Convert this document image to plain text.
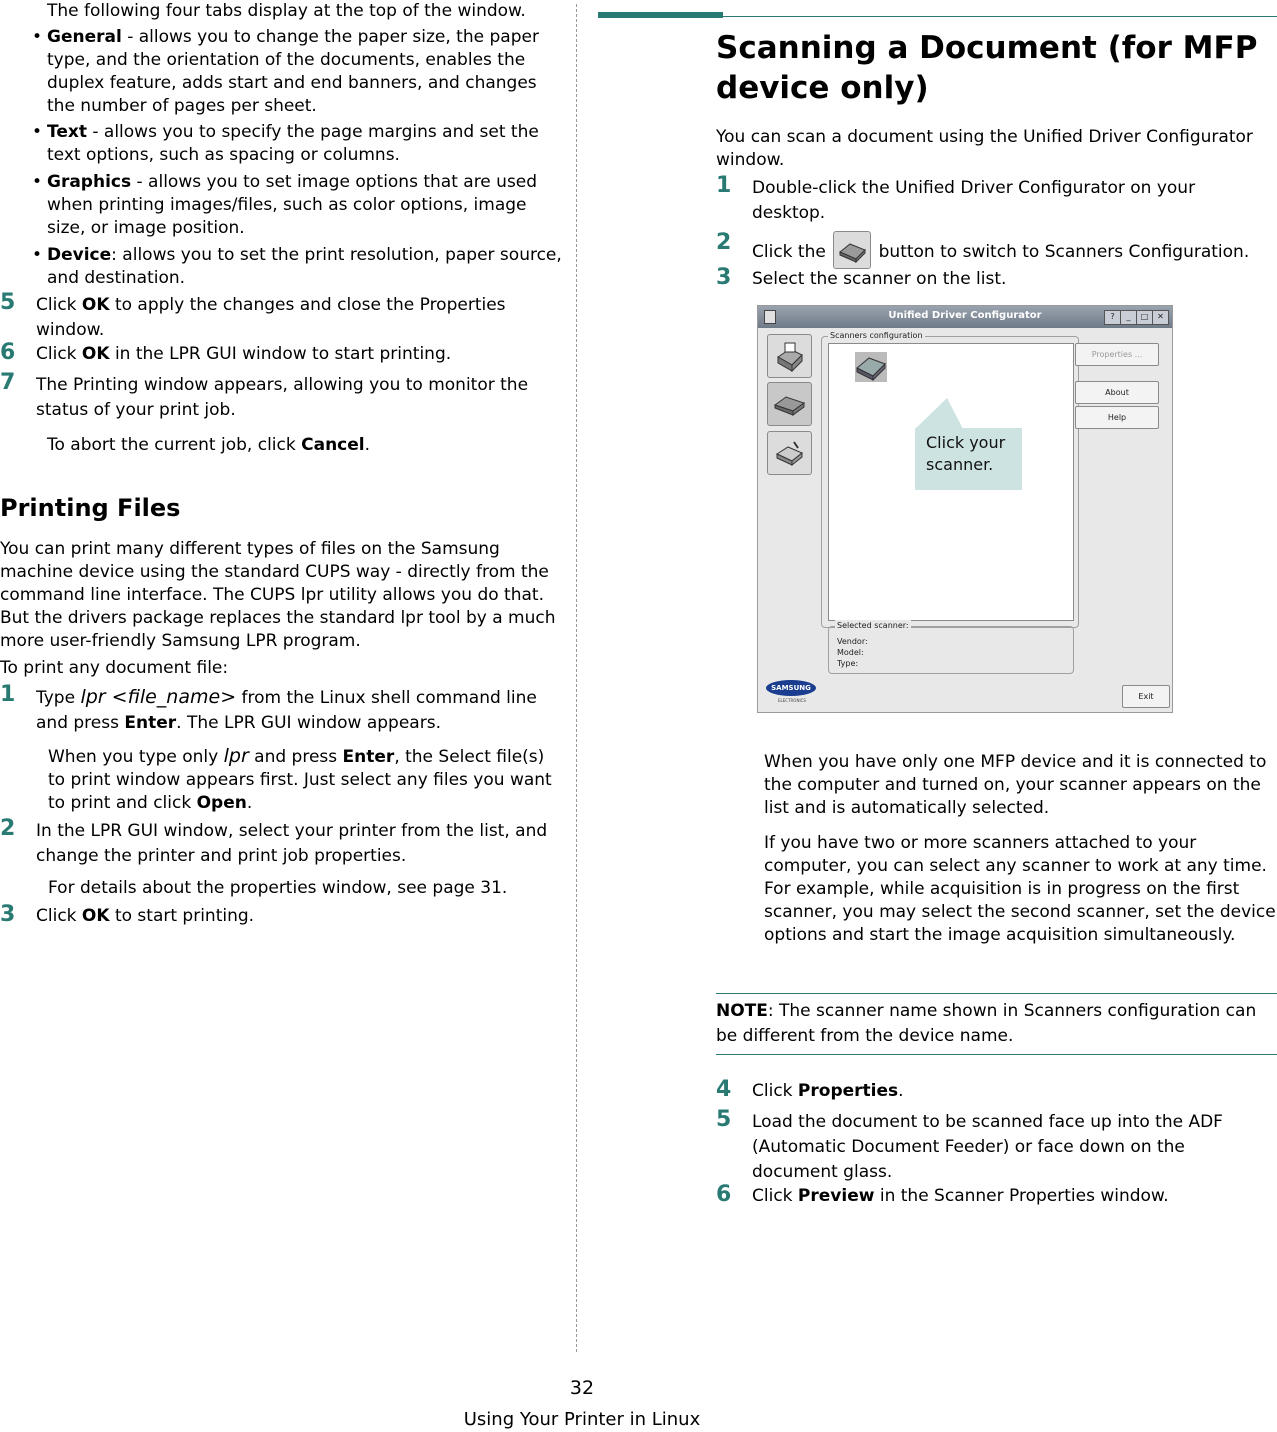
The following four tabs display at the top of the window.

• General - allows you to change the paper size, the paper type, and the orientation of the documents, enables the duplex feature, adds start and end banners, and changes the number of pages per sheet.
• Text - allows you to specify the page margins and set the text options, such as spacing or columns.
• Graphics - allows you to set image options that are used when printing images/files, such as color options, image size, or image position.
• Device: allows you to set the print resolution, paper source, and destination.
5 Click OK to apply the changes and close the Properties window.
6 Click OK in the LPR GUI window to start printing.
7 The Printing window appears, allowing you to monitor the status of your print job.

To abort the current job, click Cancel.

Printing Files

You can print many different types of files on the Samsung machine device using the standard CUPS way - directly from the command line interface. The CUPS lpr utility allows you do that. But the drivers package replaces the standard lpr tool by a much more user-friendly Samsung LPR program.

To print any document file:

1 Type lpr <file_name> from the Linux shell command line and press Enter. The LPR GUI window appears.

When you type only lpr and press Enter, the Select file(s) to print window appears first. Just select any files you want to print and click Open.

2 In the LPR GUI window, select your printer from the list, and change the printer and print job properties.

For details about the properties window, see page 31.

3 Click OK to start printing.

Scanning a Document (for MFP device only)

You can scan a document using the Unified Driver Configurator window.

1 Double-click the Unified Driver Configurator on your desktop.
2 Click the  button to switch to Scanners Configuration.
3 Select the scanner on the list.
Unified Driver Configurator	?	_	□	✕
Scanners configuration
Selected scanner:
Vendor:
Model:
Type:
Properties ...
About
Help
SAMSUNG
ELECTRONICS	Exit
Click your scanner.

When you have only one MFP device and it is connected to the computer and turned on, your scanner appears on the list and is automatically selected.

If you have two or more scanners attached to your computer, you can select any scanner to work at any time. For example, while acquisition is in progress on the first scanner, you may select the second scanner, set the device options and start the image acquisition simultaneously.

NOTE: The scanner name shown in Scanners configuration can be different from the device name.

4 Click Properties.
5 Load the document to be scanned face up into the ADF (Automatic Document Feeder) or face down on the document glass.
6 Click Preview in the Scanner Properties window.
32
Using Your Printer in Linux
